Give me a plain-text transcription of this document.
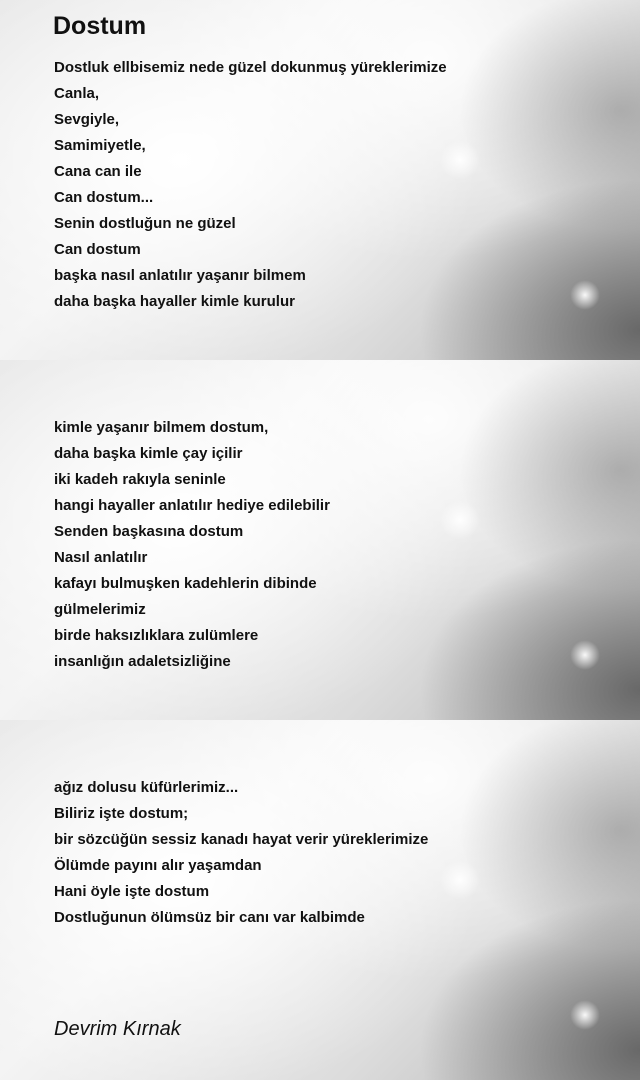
Dostum
Dostluk ellbisemiz nede güzel dokunmuş yüreklerimize
Canla,
Sevgiyle,
Samimiyetle,
Cana can ile
Can dostum...
Senin dostluğun ne güzel
Can dostum
başka nasıl anlatılır yaşanır bilmem
daha başka hayaller kimle kurulur
kimle yaşanır bilmem dostum,
daha başka kimle çay içilir
iki kadeh rakıyla seninle
hangi hayaller anlatılır hediye edilebilir
Senden başkasına dostum
Nasıl anlatılır
kafayı bulmuşken kadehlerin dibinde
gülmelerimiz
birde haksızlıklara zulümlere
insanlığın adaletsizliğine
ağız dolusu küfürlerimiz...
Biliriz işte dostum;
bir sözcüğün sessiz kanadı hayat verir yüreklerimize
Ölümde payını alır yaşamdan
Hani öyle işte dostum
Dostluğunun ölümsüz bir canı var kalbimde

Devrim Kırnak
